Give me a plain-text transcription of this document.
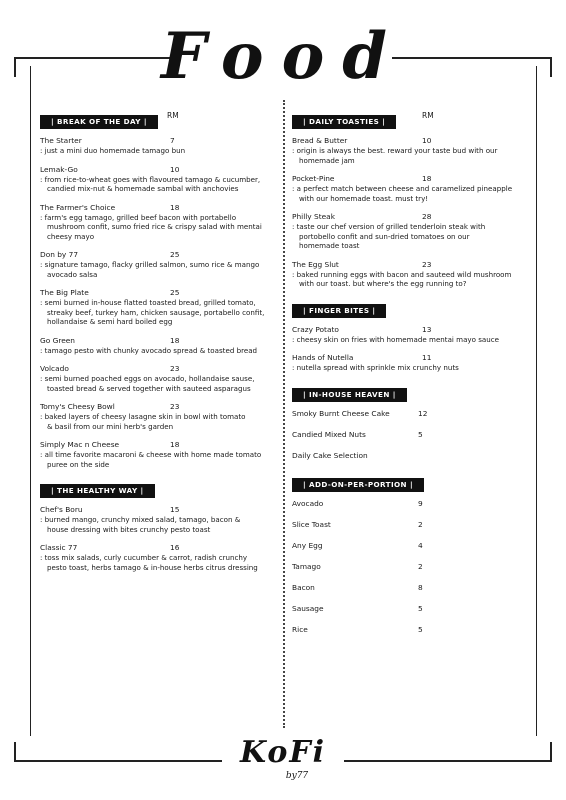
Food
| BREAK OF THE DAY |
RM
The Starter	7
: just a mini duo homemade tamago bun
Lemak-Go	10
: from rice-to-wheat goes with flavoured tamago & cucumber,
candied mix-nut & homemade sambal with anchovies
The Farmer's Choice	18
: farm's egg tamago, grilled beef bacon with portabello
mushroom confit, sumo fried rice & crispy salad with mentai
cheesy mayo
Don by 77	25
: signature tamago, flacky grilled salmon, sumo rice & mango
avocado salsa
The Big Plate	25
: semi burned in-house flatted toasted bread, grilled tomato,
streaky beef, turkey ham, chicken sausage, portabello confit,
hollandaise & semi hard boiled egg
Go Green	18
: tamago pesto with chunky avocado spread & toasted bread
Volcado	23
: semi burned poached eggs on avocado, hollandaise sause,
toasted bread & served together with sauteed asparagus
Tomy's Cheesy Bowl	23
: baked layers of cheesy lasagne skin in bowl with tomato
& basil from our mini herb's garden
Simply Mac n Cheese	18
: all time favorite macaroni & cheese with home made tomato
puree on the side
| THE HEALTHY WAY |
Chef's Boru	15
: burned mango, crunchy mixed salad, tamago, bacon &
house dressing with bites crunchy pesto toast
Classic 77	16
: toss mix salads, curly cucumber & carrot, radish crunchy
pesto toast, herbs tamago & in-house herbs citrus dressing
| DAILY TOASTIES |
RM
Bread & Butter	10
: origin is always the best. reward your taste bud with our
homemade jam
Pocket-Pine	18
: a perfect match between cheese and caramelized pineapple
with our homemade toast. must try!
Philly Steak	28
: taste our chef version of grilled tenderloin steak with
portobello confit and sun-dried tomatoes on our
homemade toast
The Egg Slut	23
: baked running eggs with bacon and sauteed wild mushroom
with our toast. but where's the egg running to?
| FINGER BITES |
Crazy Potato	13
: cheesy skin on fries with homemade mentai mayo sauce
Hands of Nutella	11
: nutella spread with sprinkle mix crunchy nuts
| IN-HOUSE HEAVEN |
Smoky Burnt Cheese Cake	12
Candied Mixed Nuts	5
Daily Cake Selection
| ADD-ON-PER-PORTION |
Avocado	9
Slice Toast	2
Any Egg	4
Tamago	2
Bacon	8
Sausage	5
Rice	5
KoFi
by77
